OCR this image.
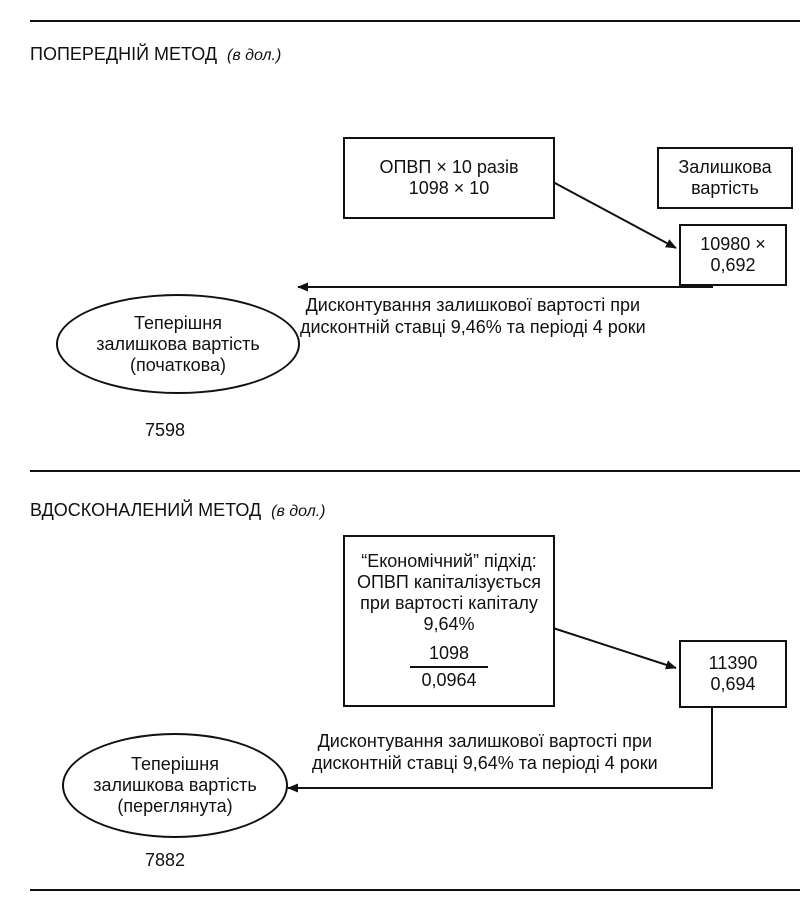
ПОПЕРЕДНІЙ МЕТОД (в дол.)
ОПВП × 10 разів
1098 × 10
Залишкова
вартість
10980 ×
0,692
Дисконтування залишкової вартості при
дисконтній ставці 9,46% та періоді 4 роки
Теперішня
залишкова вартість
(початкова)
7598
ВДОСКОНАЛЕНИЙ МЕТОД (в дол.)
“Економічний” підхід:
ОПВП капіталізується
при вартості капіталу
9,64%
$\frac{1098}{0,0964}$	11390
0,694
Дисконтування залишкової вартості при
дисконтній ставці 9,64% та періоді 4 роки
Теперішня
залишкова вартість
(переглянута)
7882
